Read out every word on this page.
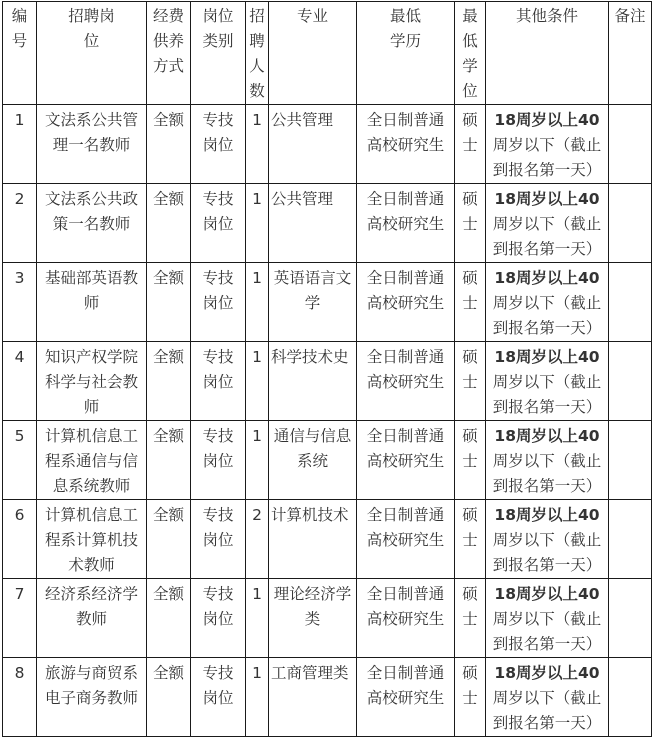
编号	招聘岗位	经费供养方式	岗位类别	招聘人数	专业	最低学历	最低学位	其他条件	备注
1	文法系公共管理一名教师	全额	专技岗位	1	公共管理	全日制普通高校研究生	硕士	18周岁以上40
周岁以下（截止到报名第一天）	
2	文法系公共政策一名教师	全额	专技岗位	1	公共管理	全日制普通高校研究生	硕士	18周岁以上40
周岁以下（截止到报名第一天）	
3	基础部英语教师	全额	专技岗位	1	英语语言文学	全日制普通高校研究生	硕士	18周岁以上40
周岁以下（截止到报名第一天）	
4	知识产权学院科学与社会教师	全额	专技岗位	1	科学技术史	全日制普通高校研究生	硕士	18周岁以上40
周岁以下（截止到报名第一天）	
5	计算机信息工程系通信与信息系统教师	全额	专技岗位	1	通信与信息系统	全日制普通高校研究生	硕士	18周岁以上40
周岁以下（截止到报名第一天）	
6	计算机信息工程系计算机技术教师	全额	专技岗位	2	计算机技术	全日制普通高校研究生	硕士	18周岁以上40
周岁以下（截止到报名第一天）	
7	经济系经济学教师	全额	专技岗位	1	理论经济学类	全日制普通高校研究生	硕士	18周岁以上40
周岁以下（截止到报名第一天）	
8	旅游与商贸系电子商务教师	全额	专技岗位	1	工商管理类	全日制普通高校研究生	硕士	18周岁以上40
周岁以下（截止到报名第一天）	
